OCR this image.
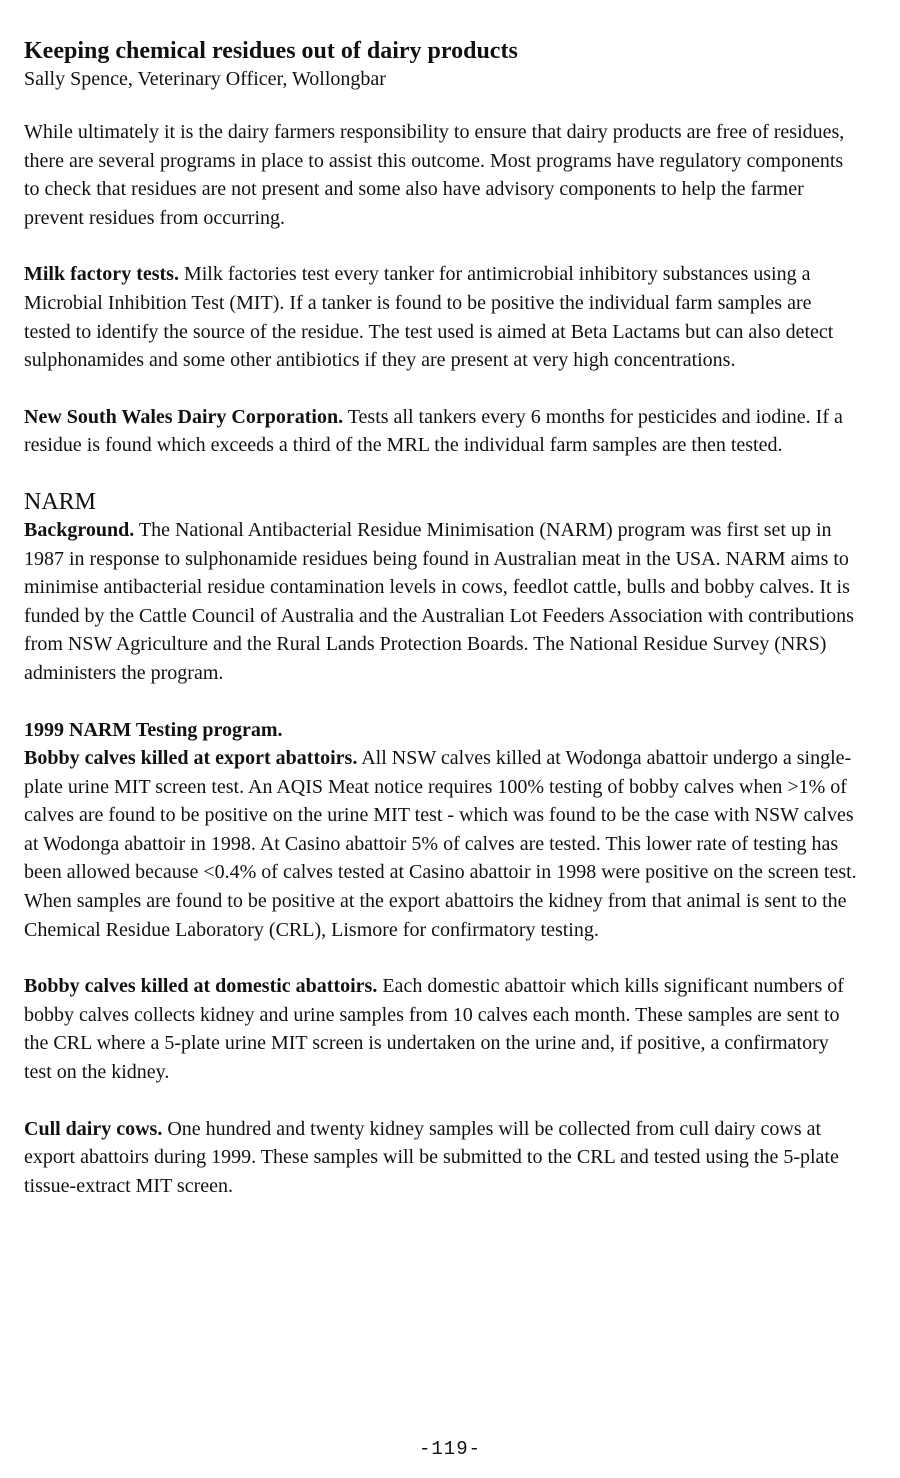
Keeping chemical residues out of dairy products

Sally Spence, Veterinary Officer, Wollongbar

While ultimately it is the dairy farmers responsibility to ensure that dairy products are free of residues, there are several programs in place to assist this outcome. Most programs have regulatory components to check that residues are not present and some also have advisory components to help the farmer prevent residues from occurring.

Milk factory tests. Milk factories test every tanker for antimicrobial inhibitory substances using a Microbial Inhibition Test (MIT). If a tanker is found to be positive the individual farm samples are tested to identify the source of the residue. The test used is aimed at Beta Lactams but can also detect sulphonamides and some other antibiotics if they are present at very high concentrations.

New South Wales Dairy Corporation. Tests all tankers every 6 months for pesticides and iodine. If a residue is found which exceeds a third of the MRL the individual farm samples are then tested.

NARM

Background. The National Antibacterial Residue Minimisation (NARM) program was first set up in 1987 in response to sulphonamide residues being found in Australian meat in the USA. NARM aims to minimise antibacterial residue contamination levels in cows, feedlot cattle, bulls and bobby calves. It is funded by the Cattle Council of Australia and the Australian Lot Feeders Association with contributions from NSW Agriculture and the Rural Lands Protection Boards. The National Residue Survey (NRS) administers the program.

1999 NARM Testing program.

Bobby calves killed at export abattoirs. All NSW calves killed at Wodonga abattoir undergo a single-plate urine MIT screen test. An AQIS Meat notice requires 100% testing of bobby calves when >1% of calves are found to be positive on the urine MIT test - which was found to be the case with NSW calves at Wodonga abattoir in 1998. At Casino abattoir 5% of calves are tested. This lower rate of testing has been allowed because <0.4% of calves tested at Casino abattoir in 1998 were positive on the screen test. When samples are found to be positive at the export abattoirs the kidney from that animal is sent to the Chemical Residue Laboratory (CRL), Lismore for confirmatory testing.

Bobby calves killed at domestic abattoirs. Each domestic abattoir which kills significant numbers of bobby calves collects kidney and urine samples from 10 calves each month. These samples are sent to the CRL where a 5-plate urine MIT screen is undertaken on the urine and, if positive, a confirmatory test on the kidney.

Cull dairy cows. One hundred and twenty kidney samples will be collected from cull dairy cows at export abattoirs during 1999. These samples will be submitted to the CRL and tested using the 5-plate tissue-extract MIT screen.

-119-
